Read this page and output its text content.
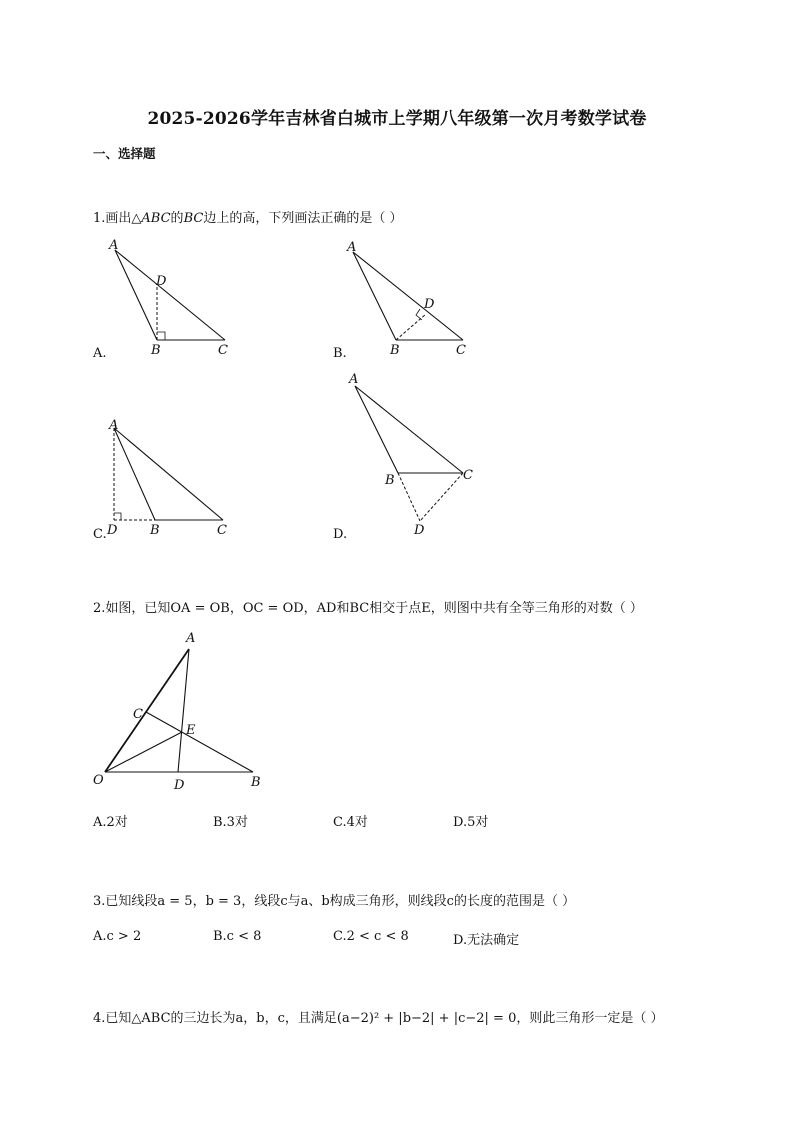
2025-2026学年吉林省白城市上学期八年级第一次月考数学试卷
一、选择题
1.画出△ABC的BC边上的高，下列画法正确的是（ ）
A
D
B	C
A.
A
D
B	C
B.
A
D	B	C
C.
A
B	C
D
D.
2.如图，已知OA = OB，OC = OD，AD和BC相交于点E，则图中共有全等三角形的对数（ ）
A
C
E
O	D	B
A.2对	B.3对	C.4对	D.5对
3.已知线段a = 5，b = 3，线段c与a、b构成三角形，则线段c的长度的范围是（ ）
A.c > 2	B.c < 8	C.2 < c < 8	D.无法确定
4.已知△ABC的三边长为a，b，c，且满足(a−2)² + |b−2| + |c−2| = 0，则此三角形一定是（ ）
